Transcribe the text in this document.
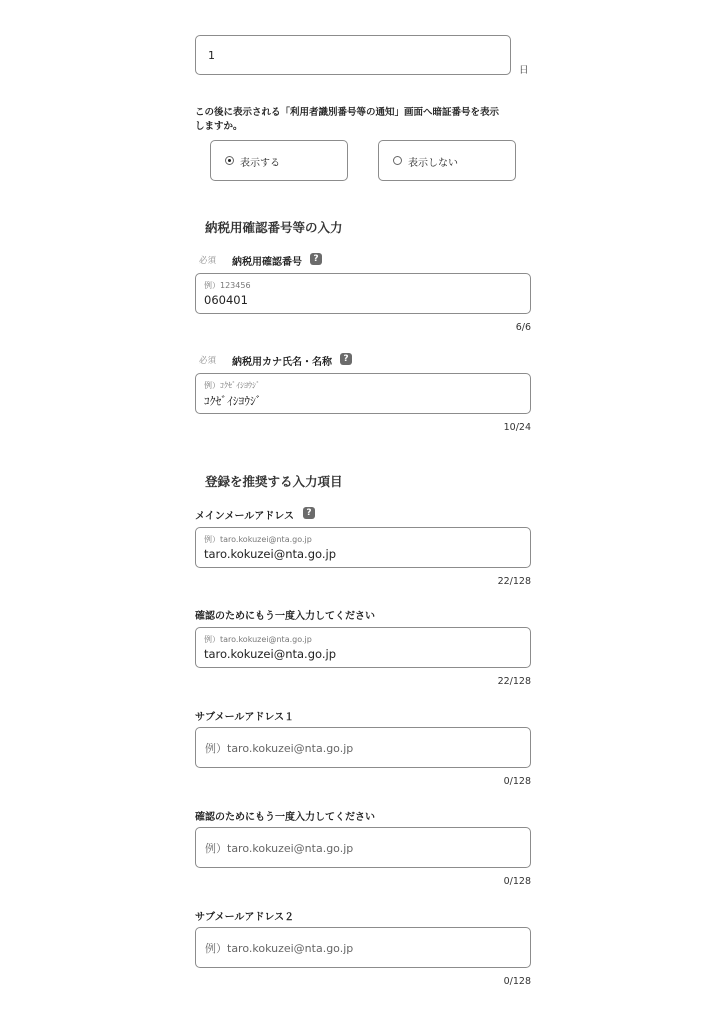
1
日
この後に表示される「利用者識別番号等の通知」画面へ暗証番号を表示
しますか。
表示する	表示しない
納税用確認番号等の入力
必須 納税用確認番号	?
例）123456
060401
6/6
必須 納税用カナ氏名・名称	?
例）ｺｸｾﾞｲｼﾖｳｼﾞ
ｺｸｾﾞｲｼﾖｳｼﾞ
10/24
登録を推奨する入力項目
メインメールアドレス	?
例）taro.kokuzei@nta.go.jp
taro.kokuzei@nta.go.jp
22/128
確認のためにもう一度入力してください
例）taro.kokuzei@nta.go.jp
taro.kokuzei@nta.go.jp
22/128
サブメールアドレス１
例）taro.kokuzei@nta.go.jp
0/128
確認のためにもう一度入力してください
例）taro.kokuzei@nta.go.jp
0/128
サブメールアドレス２
例）taro.kokuzei@nta.go.jp
0/128
